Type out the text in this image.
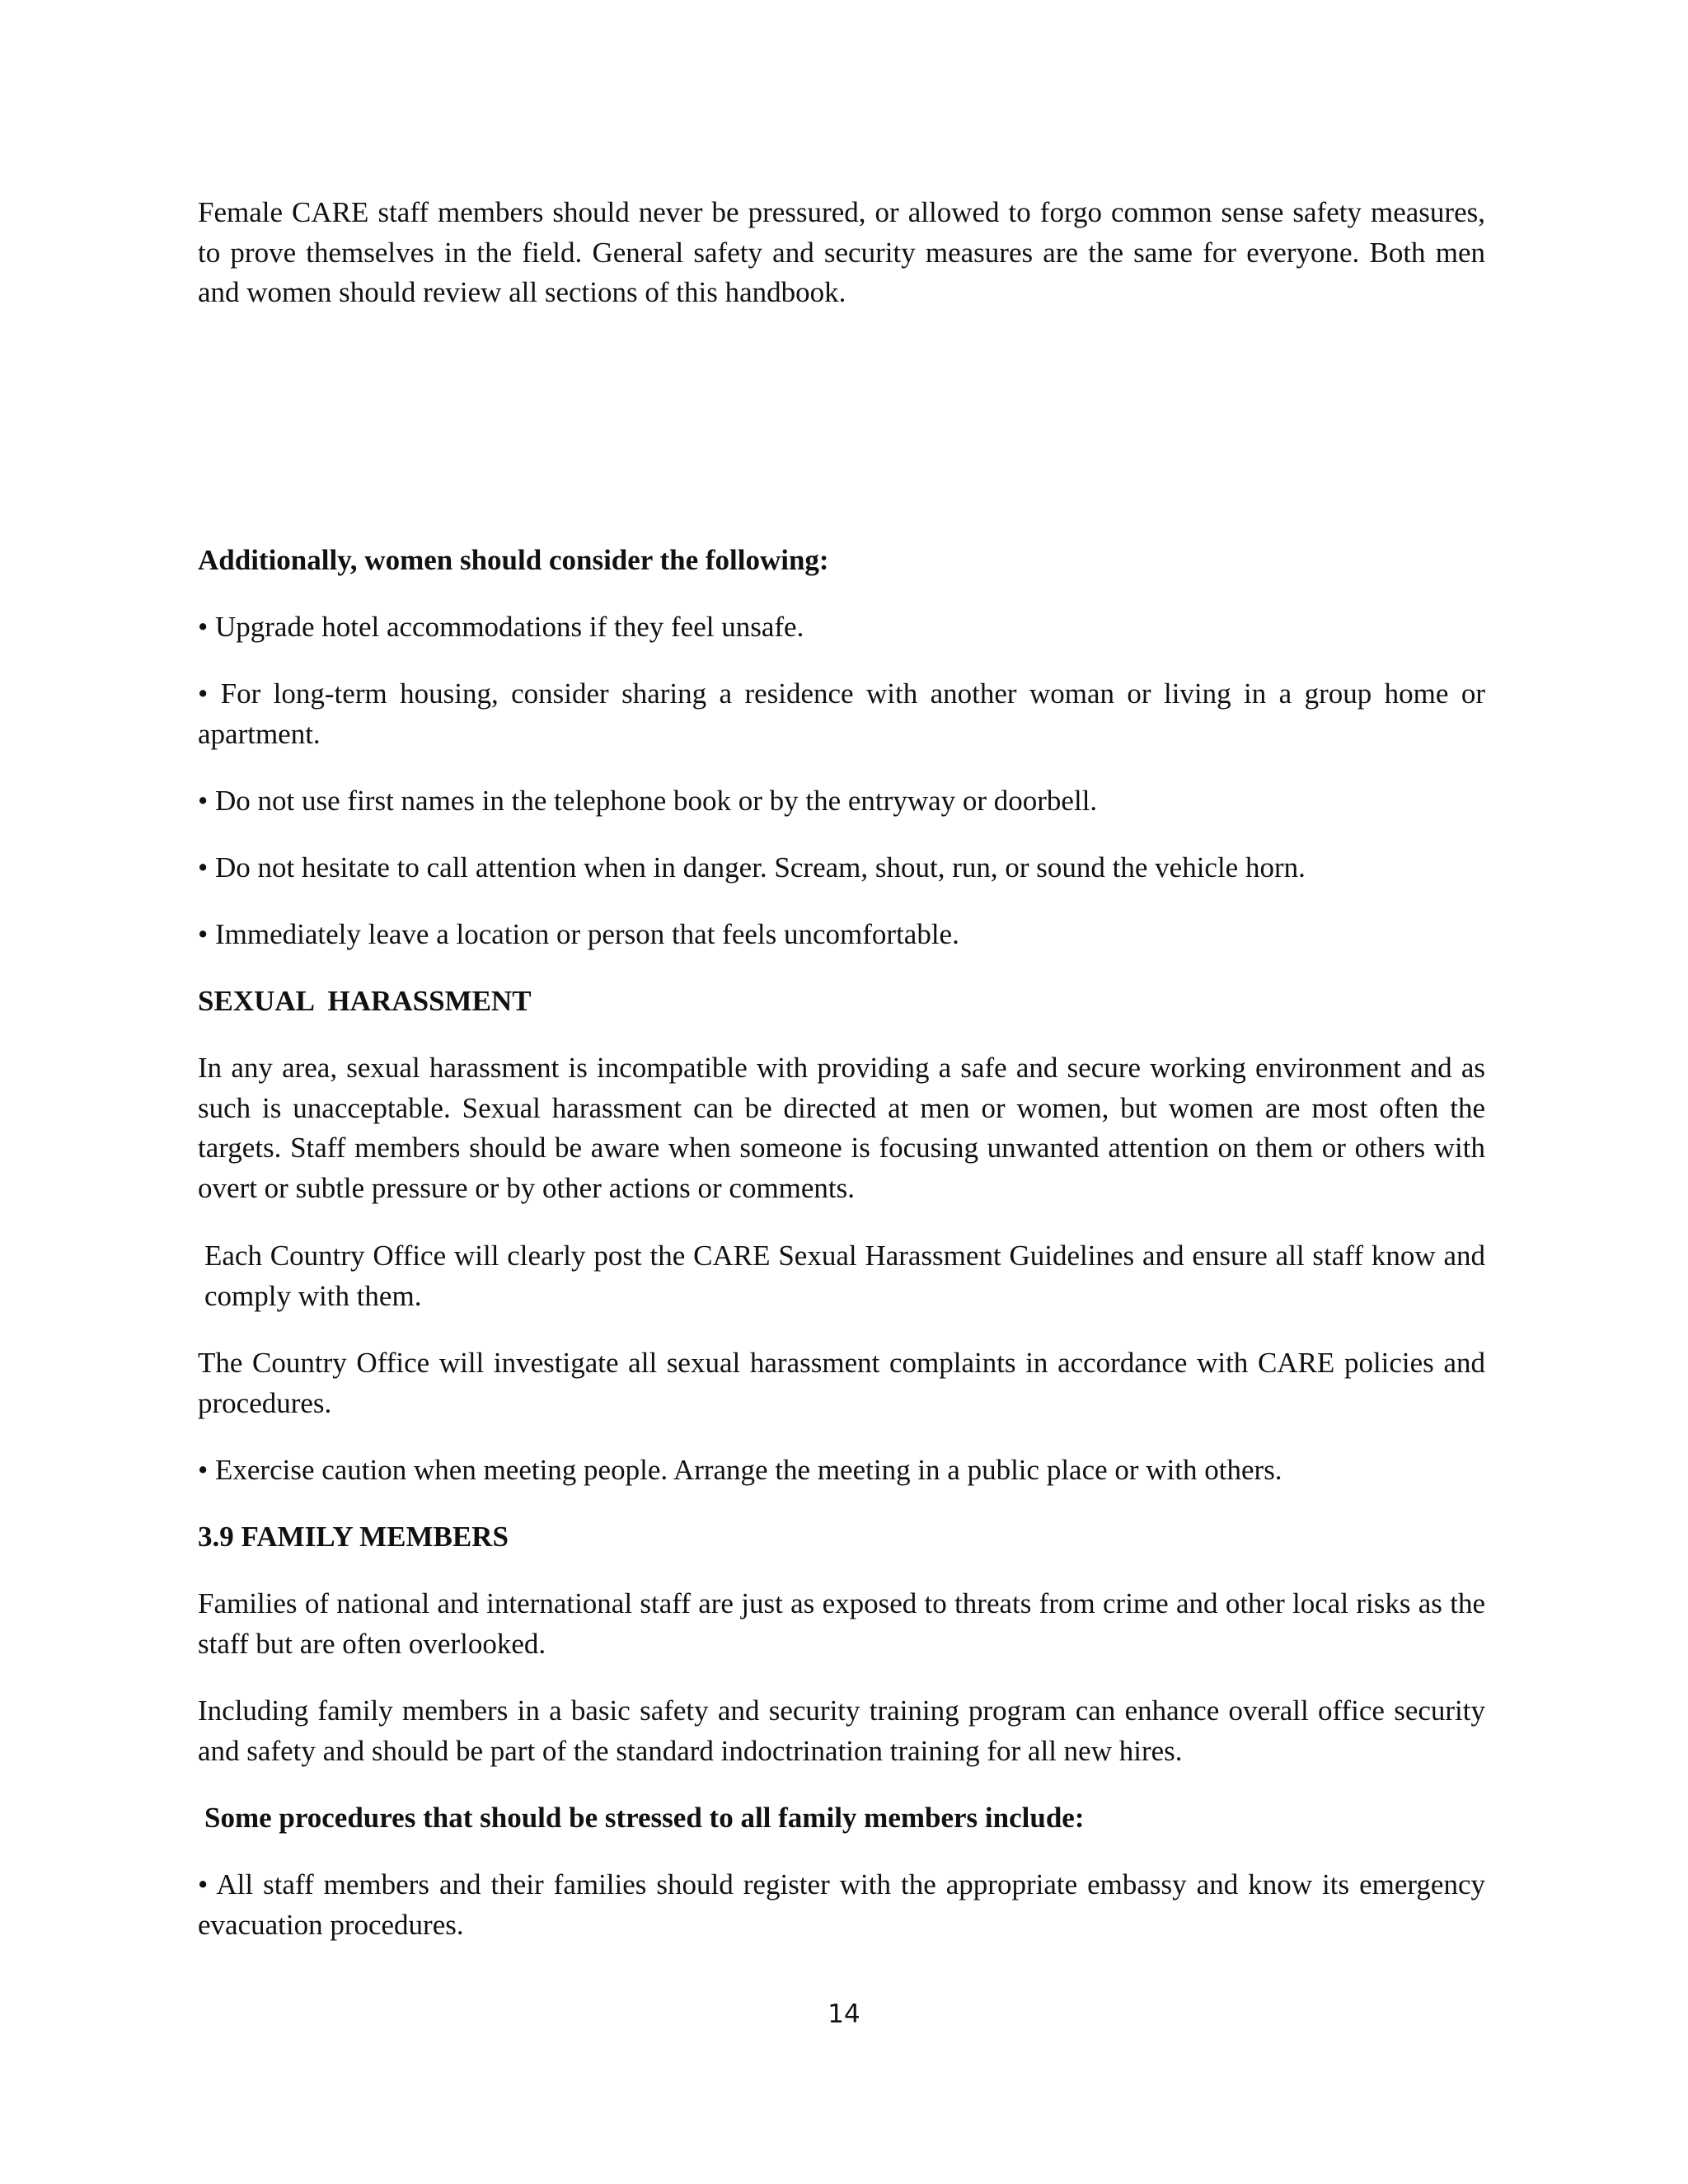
Female CARE staff members should never be pressured, or allowed to forgo common sense safety measures, to prove themselves in the field. General safety and security measures are the same for everyone. Both men and women should review all sections of this handbook.

Additionally, women should consider the following:

• Upgrade hotel accommodations if they feel unsafe.

• For long-term housing, consider sharing a residence with another woman or living in a group home or apartment.

• Do not use first names in the telephone book or by the entryway or doorbell.

• Do not hesitate to call attention when in danger. Scream, shout, run, or sound the vehicle horn.

• Immediately leave a location or person that feels uncomfortable.

SEXUAL  HARASSMENT

In any area, sexual harassment is incompatible with providing a safe and secure working environment and as such is unacceptable. Sexual harassment can be directed at men or women, but women are most often the targets. Staff members should be aware when someone is focusing unwanted attention on them or others with overt or subtle pressure or by other actions or comments.

Each Country Office will clearly post the CARE Sexual Harassment Guidelines and ensure all staff know and comply with them.

The Country Office will investigate all sexual harassment complaints in accordance with CARE policies and procedures.

• Exercise caution when meeting people. Arrange the meeting in a public place or with others.

3.9 FAMILY MEMBERS

Families of national and international staff are just as exposed to threats from crime and other local risks as the staff but are often overlooked.

Including family members in a basic safety and security training program can enhance overall office security and safety and should be part of the standard indoctrination training for all new hires.

Some procedures that should be stressed to all family members include:

• All staff members and their families should register with the appropriate embassy and know its emergency evacuation procedures.

14
